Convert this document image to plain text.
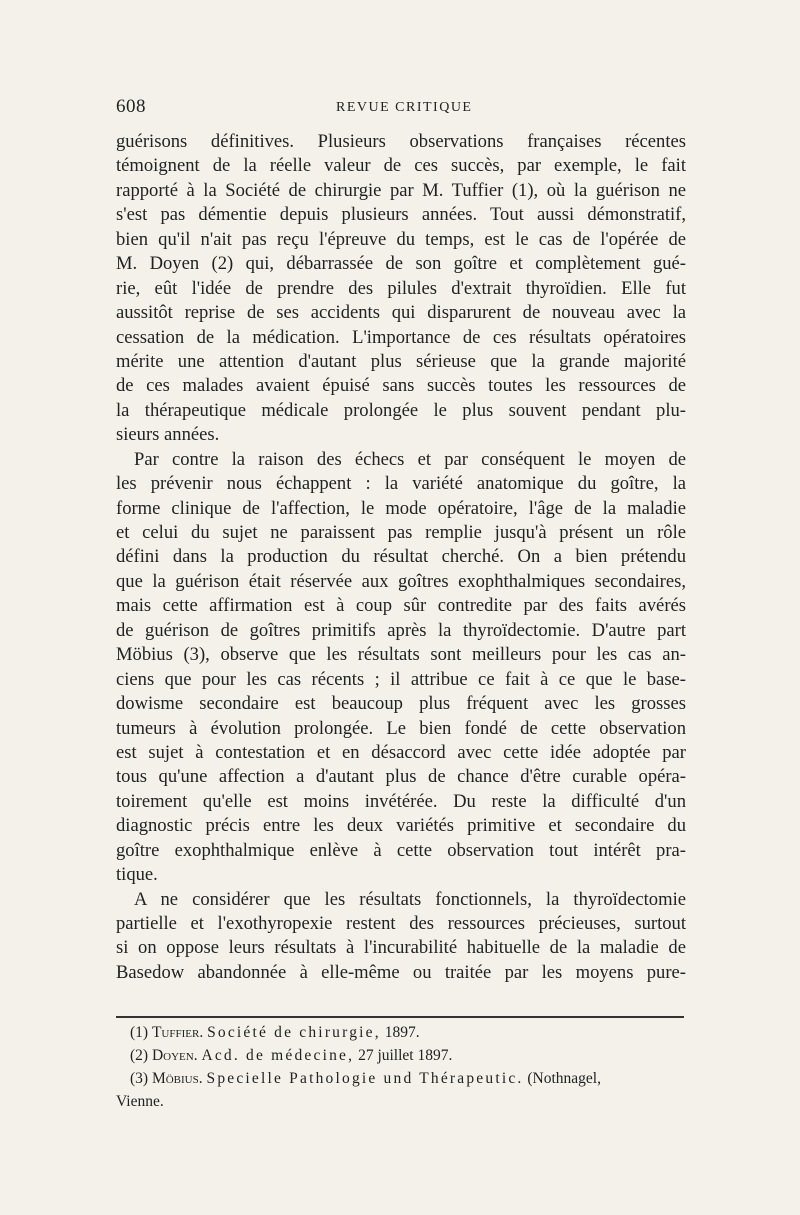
608	REVUE CRITIQUE
guérisons définitives. Plusieurs observations françaises récentes
témoignent de la réelle valeur de ces succès, par exemple, le fait
rapporté à la Société de chirurgie par M. Tuffier (1), où la guérison ne
s'est pas démentie depuis plusieurs années. Tout aussi démonstratif,
bien qu'il n'ait pas reçu l'épreuve du temps, est le cas de l'opérée de
M. Doyen (2) qui, débarrassée de son goître et complètement gué-
rie, eût l'idée de prendre des pilules d'extrait thyroïdien. Elle fut
aussitôt reprise de ses accidents qui disparurent de nouveau avec la
cessation de la médication. L'importance de ces résultats opératoires
mérite une attention d'autant plus sérieuse que la grande majorité
de ces malades avaient épuisé sans succès toutes les ressources de
la thérapeutique médicale prolongée le plus souvent pendant plu-
sieurs années.
Par contre la raison des échecs et par conséquent le moyen de
les prévenir nous échappent : la variété anatomique du goître, la
forme clinique de l'affection, le mode opératoire, l'âge de la maladie
et celui du sujet ne paraissent pas remplie jusqu'à présent un rôle
défini dans la production du résultat cherché. On a bien prétendu
que la guérison était réservée aux goîtres exophthalmiques secondaires,
mais cette affirmation est à coup sûr contredite par des faits avérés
de guérison de goîtres primitifs après la thyroïdectomie. D'autre part
Möbius (3), observe que les résultats sont meilleurs pour les cas an-
ciens que pour les cas récents ; il attribue ce fait à ce que le base-
dowisme secondaire est beaucoup plus fréquent avec les grosses
tumeurs à évolution prolongée. Le bien fondé de cette observation
est sujet à contestation et en désaccord avec cette idée adoptée par
tous qu'une affection a d'autant plus de chance d'être curable opéra-
toirement qu'elle est moins invétérée. Du reste la difficulté d'un
diagnostic précis entre les deux variétés primitive et secondaire du
goître exophthalmique enlève à cette observation tout intérêt pra-
tique.
A ne considérer que les résultats fonctionnels, la thyroïdectomie
partielle et l'exothyropexie restent des ressources précieuses, surtout
si on oppose leurs résultats à l'incurabilité habituelle de la maladie de
Basedow abandonnée à elle-même ou traitée par les moyens pure-
(1) Tuffier. Société de chirurgie, 1897.
(2) Doyen. Acd. de médecine, 27 juillet 1897.
(3) Möbius. Specielle Pathologie und Thérapeutic. (Nothnagel,
Vienne.
